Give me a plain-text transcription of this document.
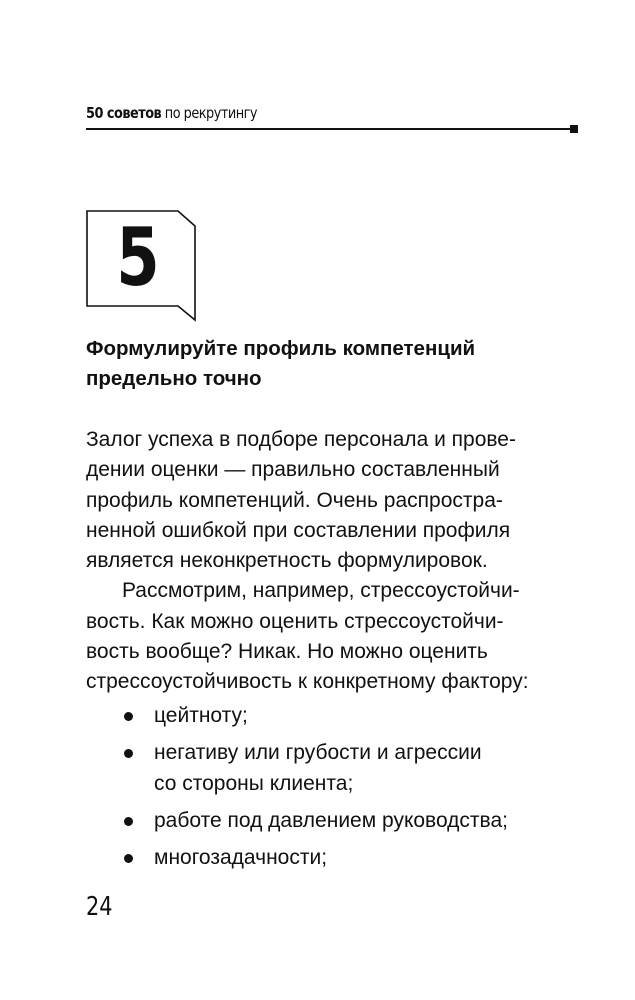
50 советов по рекрутингу
5
Формулируйте профиль компетенций
предельно точно
Залог успеха в подборе персонала и прове-
дении оценки — правильно составленный
профиль компетенций. Очень распростра-
ненной ошибкой при составлении профиля
является неконкретность формулировок.
Рассмотрим, например, стрессоустойчи-
вость. Как можно оценить стрессоустойчи-
вость вообще? Никак. Но можно оценить
стрессоустойчивость к конкретному фактору:
цейтноту;
негативу или грубости и агрессии
со стороны клиента;
работе под давлением руководства;
многозадачности;
24
